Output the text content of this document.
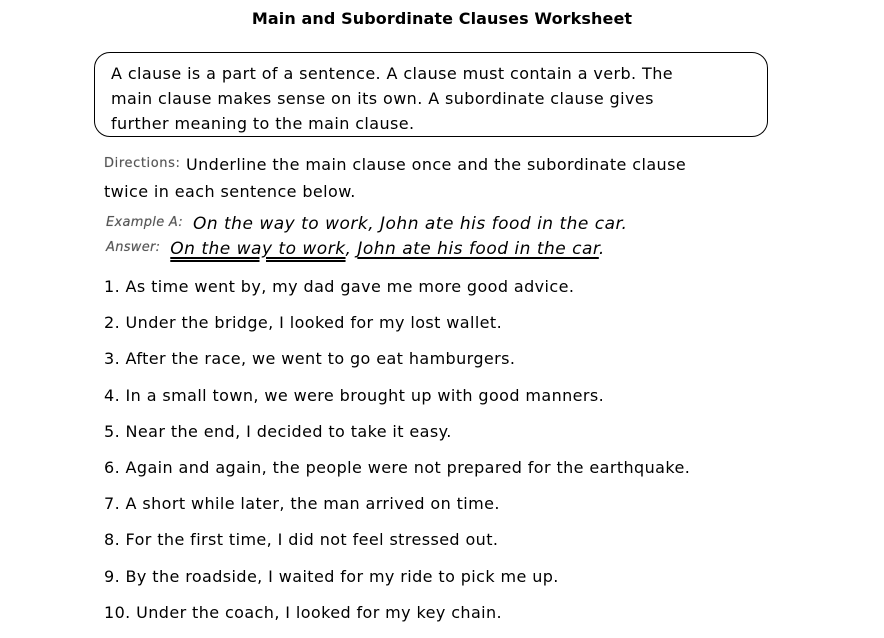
Main and Subordinate Clauses Worksheet
A clause is a part of a sentence. A clause must contain a verb. The
main clause makes sense on its own. A subordinate clause gives
further meaning to the main clause.
Directions: Underline the main clause once and the subordinate clause
twice in each sentence below.
Example A: On the way to work, John ate his food in the car.
Answer: On the way to work, John ate his food in the car.
1. As time went by, my dad gave me more good advice.
2. Under the bridge, I looked for my lost wallet.
3. After the race, we went to go eat hamburgers.
4. In a small town, we were brought up with good manners.
5. Near the end, I decided to take it easy.
6. Again and again, the people were not prepared for the earthquake.
7. A short while later, the man arrived on time.
8. For the first time, I did not feel stressed out.
9. By the roadside, I waited for my ride to pick me up.
10. Under the coach, I looked for my key chain.
